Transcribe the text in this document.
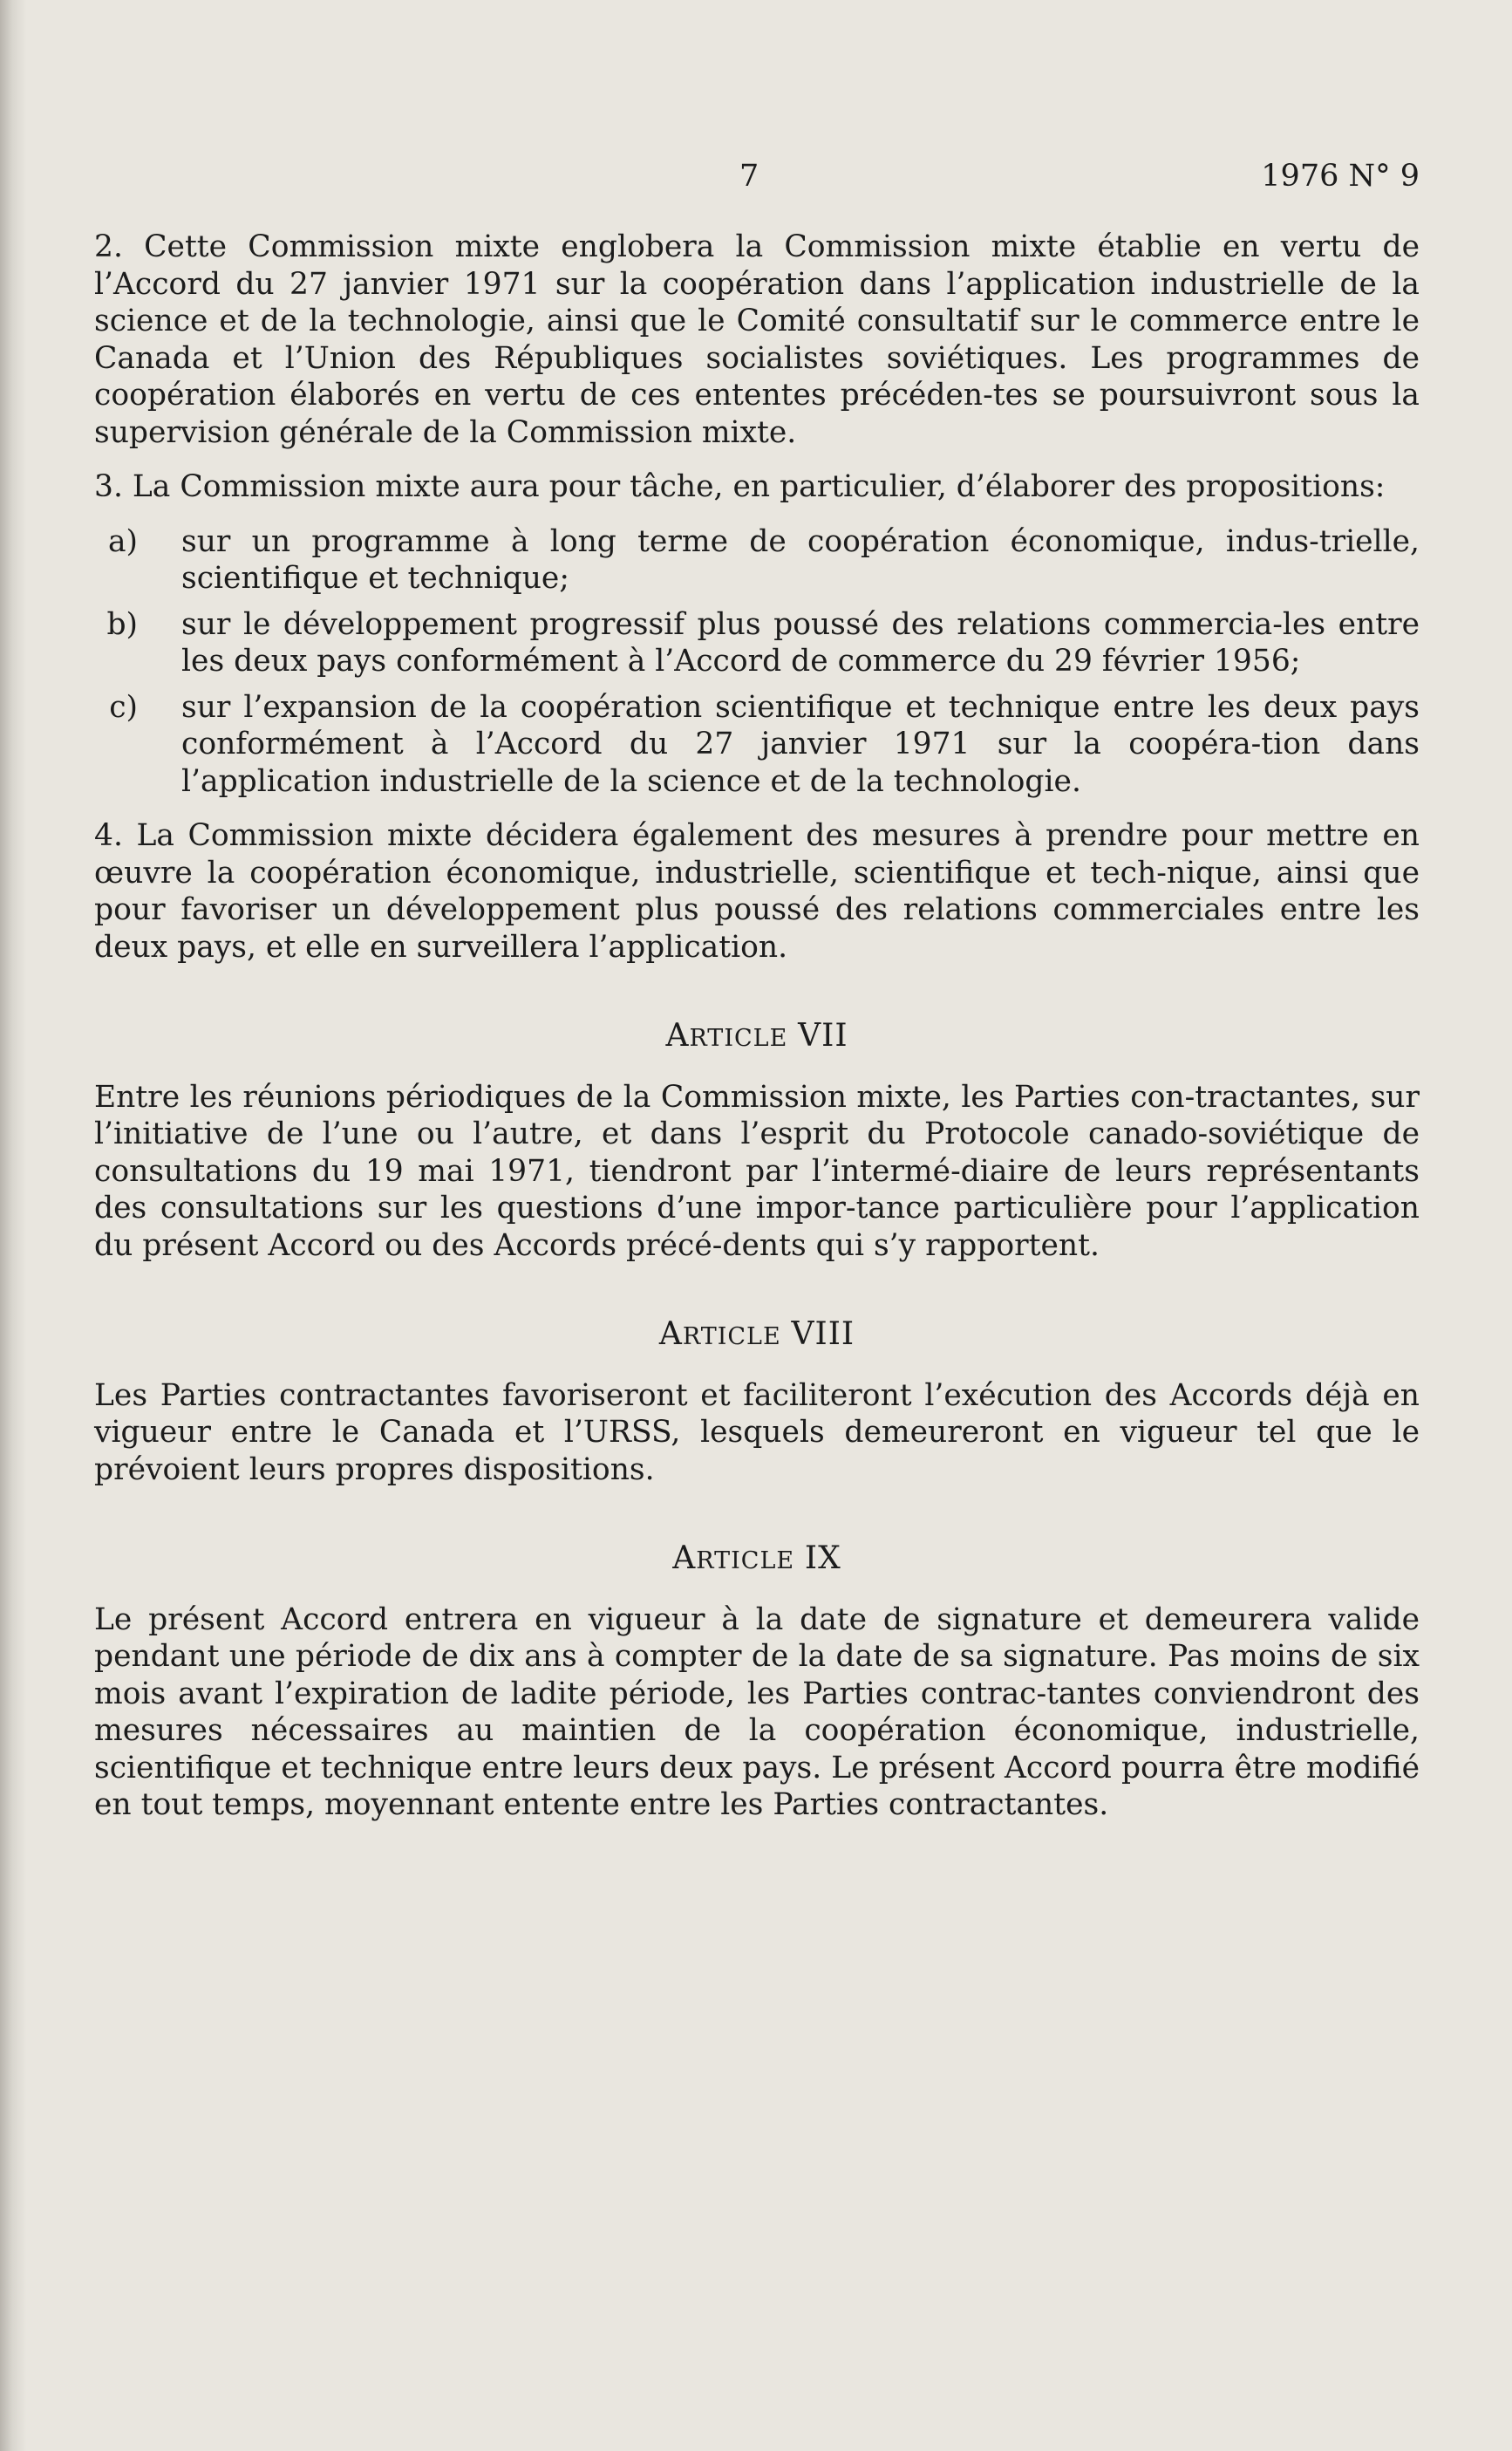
7	1976 N° 9

2. Cette Commission mixte englobera la Commission mixte établie en vertu de l’Accord du 27 janvier 1971 sur la coopération dans l’application industrielle de la science et de la technologie, ainsi que le Comité consultatif sur le commerce entre le Canada et l’Union des Républiques socialistes soviétiques. Les programmes de coopération élaborés en vertu de ces ententes précéden-tes se poursuivront sous la supervision générale de la Commission mixte.

3. La Commission mixte aura pour tâche, en particulier, d’élaborer des propositions:

a) sur un programme à long terme de coopération économique, indus-trielle, scientifique et technique;
b) sur le développement progressif plus poussé des relations commercia-les entre les deux pays conformément à l’Accord de commerce du 29 février 1956;
c) sur l’expansion de la coopération scientifique et technique entre les deux pays conformément à l’Accord du 27 janvier 1971 sur la coopéra-tion dans l’application industrielle de la science et de la technologie.

4. La Commission mixte décidera également des mesures à prendre pour mettre en œuvre la coopération économique, industrielle, scientifique et tech-nique, ainsi que pour favoriser un développement plus poussé des relations commerciales entre les deux pays, et elle en surveillera l’application.

ARTICLE VII

Entre les réunions périodiques de la Commission mixte, les Parties con-tractantes, sur l’initiative de l’une ou l’autre, et dans l’esprit du Protocole canado-soviétique de consultations du 19 mai 1971, tiendront par l’intermé-diaire de leurs représentants des consultations sur les questions d’une impor-tance particulière pour l’application du présent Accord ou des Accords précé-dents qui s’y rapportent.

ARTICLE VIII

Les Parties contractantes favoriseront et faciliteront l’exécution des Accords déjà en vigueur entre le Canada et l’URSS, lesquels demeureront en vigueur tel que le prévoient leurs propres dispositions.

ARTICLE IX

Le présent Accord entrera en vigueur à la date de signature et demeurera valide pendant une période de dix ans à compter de la date de sa signature. Pas moins de six mois avant l’expiration de ladite période, les Parties contrac-tantes conviendront des mesures nécessaires au maintien de la coopération économique, industrielle, scientifique et technique entre leurs deux pays. Le présent Accord pourra être modifié en tout temps, moyennant entente entre les Parties contractantes.
